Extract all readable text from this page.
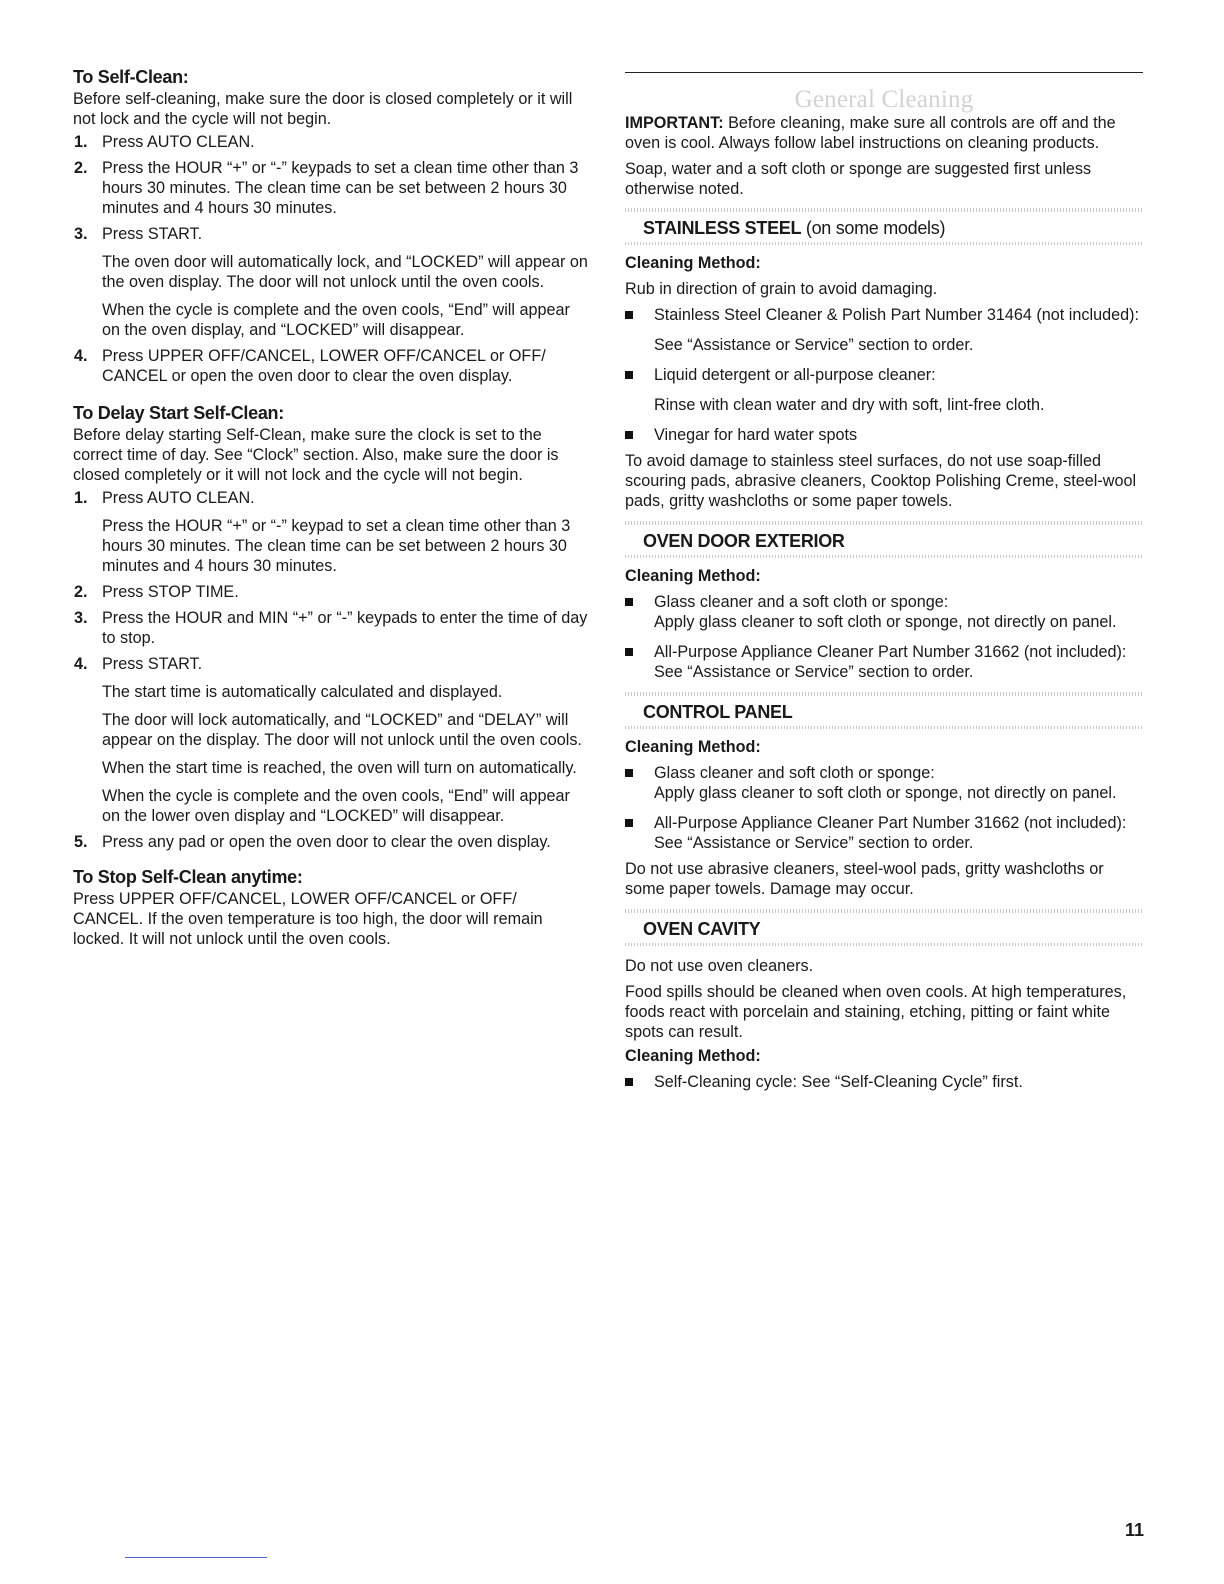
To Self-Clean:

Before self-cleaning, make sure the door is closed completely or it will not lock and the cycle will not begin.

1. Press AUTO CLEAN.
2. Press the HOUR “+” or “-” keypads to set a clean time other than 3 hours 30 minutes. The clean time can be set between 2 hours 30 minutes and 4 hours 30 minutes.
3. Press START.
The oven door will automatically lock, and “LOCKED” will appear on the oven display. The door will not unlock until the oven cools.
When the cycle is complete and the oven cools, “End” will appear on the oven display, and “LOCKED” will disappear.
4. Press UPPER OFF/CANCEL, LOWER OFF/CANCEL or OFF/ CANCEL or open the oven door to clear the oven display.
To Delay Start Self-Clean:

Before delay starting Self-Clean, make sure the clock is set to the correct time of day. See “Clock” section. Also, make sure the door is closed completely or it will not lock and the cycle will not begin.

1. Press AUTO CLEAN.
Press the HOUR “+” or “-” keypad to set a clean time other than 3 hours 30 minutes. The clean time can be set between 2 hours 30 minutes and 4 hours 30 minutes.
2. Press STOP TIME.
3. Press the HOUR and MIN “+” or “-” keypads to enter the time of day to stop.
4. Press START.
The start time is automatically calculated and displayed.
The door will lock automatically, and “LOCKED” and “DELAY” will appear on the display. The door will not unlock until the oven cools.
When the start time is reached, the oven will turn on automatically.
When the cycle is complete and the oven cools, “End” will appear on the lower oven display and “LOCKED” will disappear.
5. Press any pad or open the oven door to clear the oven display.
To Stop Self-Clean anytime:

Press UPPER OFF/CANCEL, LOWER OFF/CANCEL or OFF/ CANCEL. If the oven temperature is too high, the door will remain locked. It will not unlock until the oven cools.

General Cleaning

IMPORTANT: Before cleaning, make sure all controls are off and the oven is cool. Always follow label instructions on cleaning products.

Soap, water and a soft cloth or sponge are suggested first unless otherwise noted.

STAINLESS STEEL (on some models)
Cleaning Method:

Rub in direction of grain to avoid damaging.

Stainless Steel Cleaner & Polish Part Number 31464 (not included):
See “Assistance or Service” section to order.
Liquid detergent or all-purpose cleaner:
Rinse with clean water and dry with soft, lint-free cloth.
Vinegar for hard water spots

To avoid damage to stainless steel surfaces, do not use soap-filled scouring pads, abrasive cleaners, Cooktop Polishing Creme, steel-wool pads, gritty washcloths or some paper towels.

OVEN DOOR EXTERIOR
Cleaning Method:
Glass cleaner and a soft cloth or sponge:
Apply glass cleaner to soft cloth or sponge, not directly on panel.
All-Purpose Appliance Cleaner Part Number 31662 (not included):
See “Assistance or Service” section to order.
CONTROL PANEL
Cleaning Method:
Glass cleaner and soft cloth or sponge:
Apply glass cleaner to soft cloth or sponge, not directly on panel.
All-Purpose Appliance Cleaner Part Number 31662 (not included):
See “Assistance or Service” section to order.

Do not use abrasive cleaners, steel-wool pads, gritty washcloths or some paper towels. Damage may occur.

OVEN CAVITY

Do not use oven cleaners.

Food spills should be cleaned when oven cools. At high temperatures, foods react with porcelain and staining, etching, pitting or faint white spots can result.

Cleaning Method:
Self-Cleaning cycle: See “Self-Cleaning Cycle” first.
11
